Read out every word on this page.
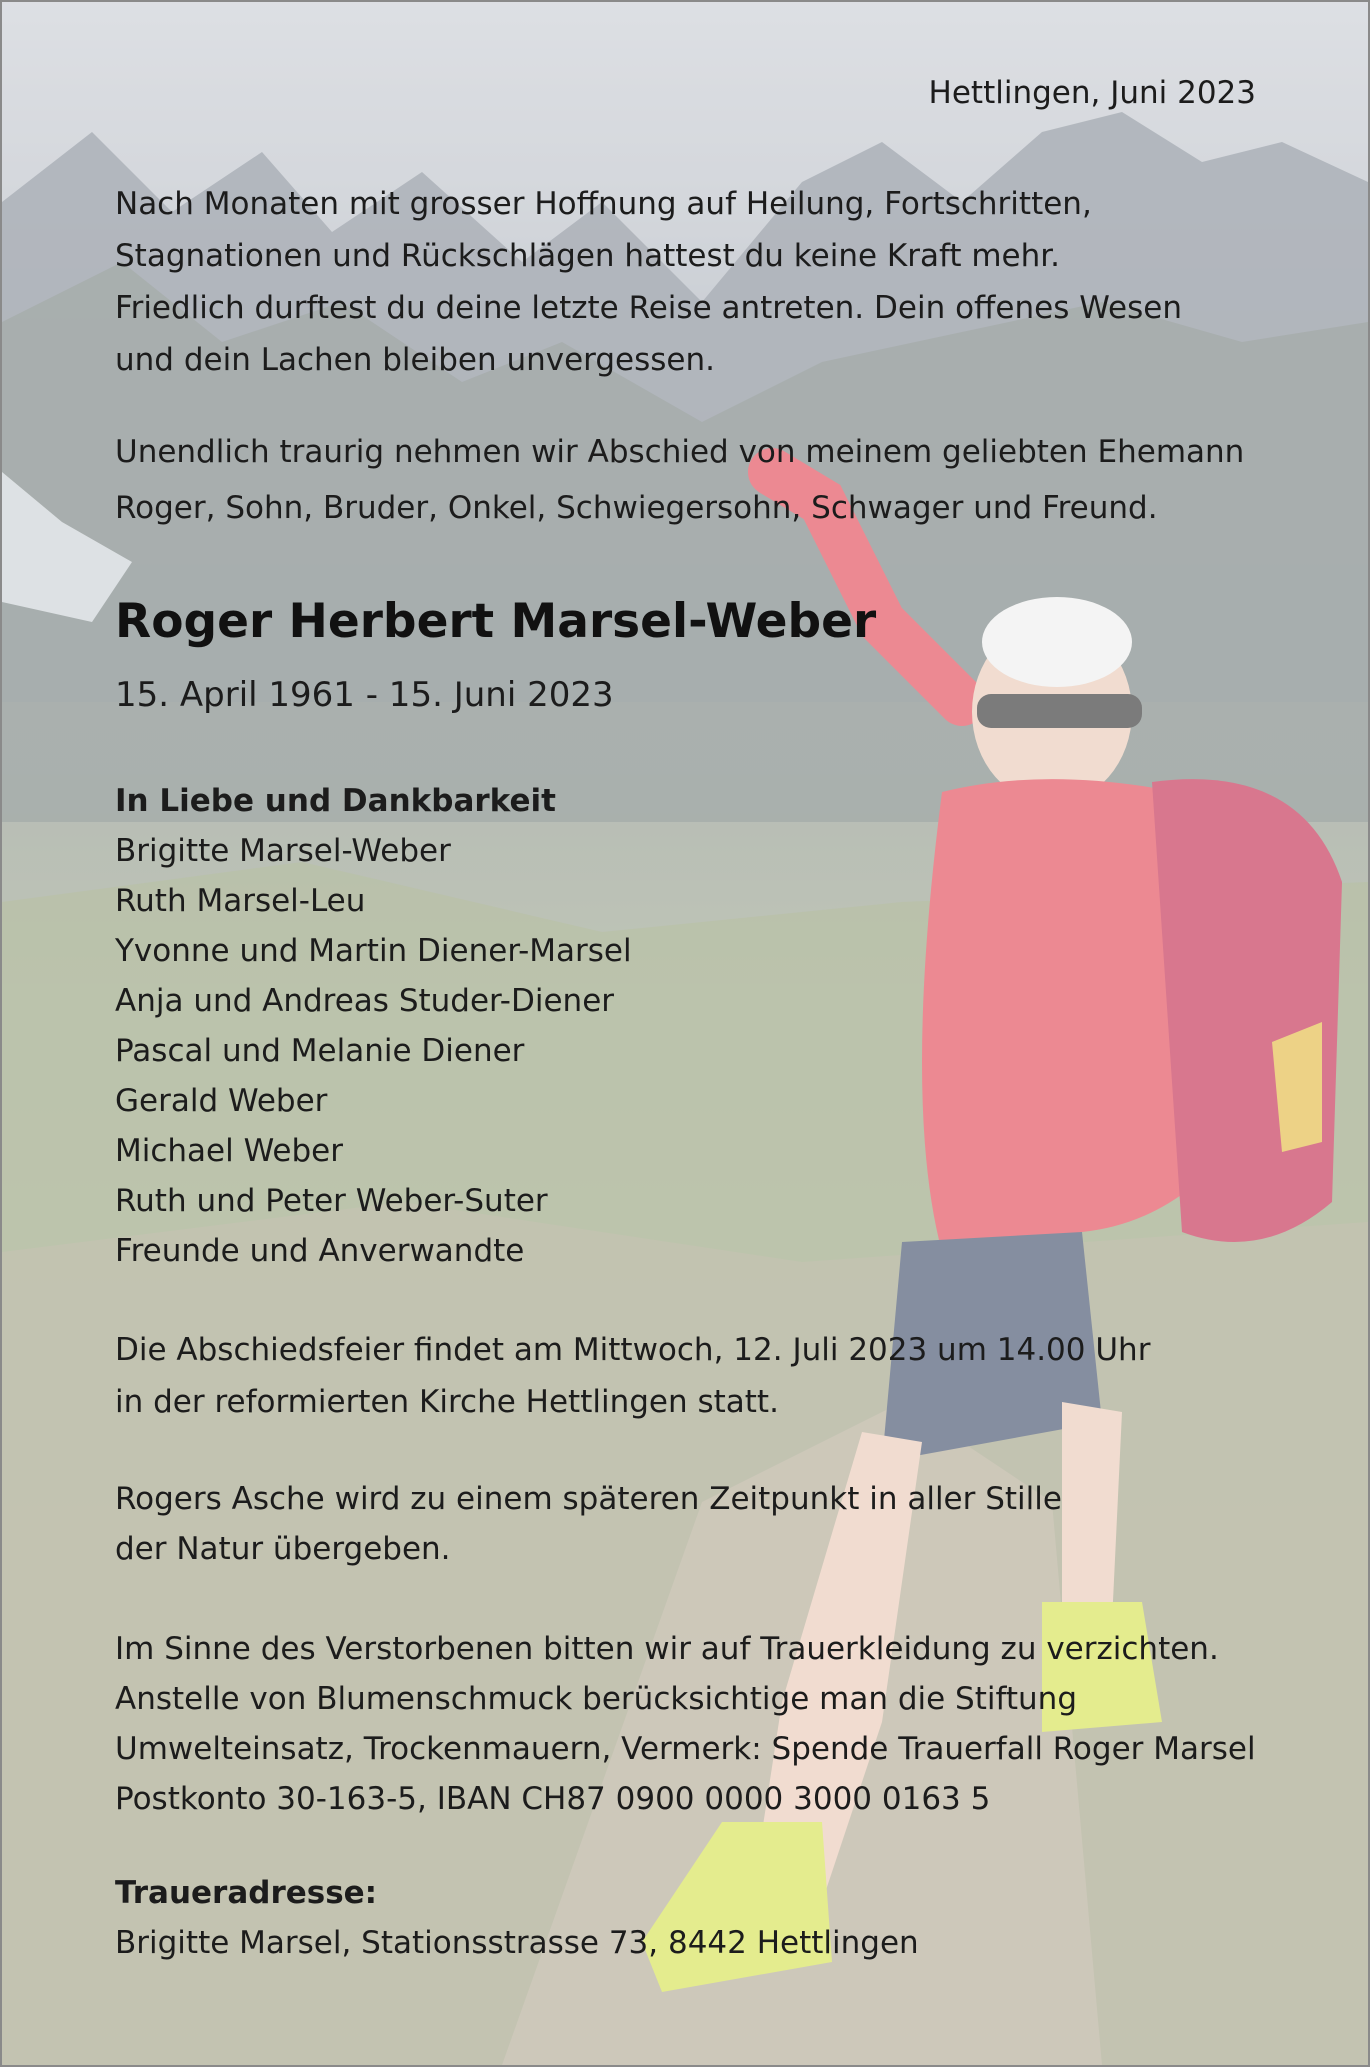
Hettlingen, Juni 2023
Nach Monaten mit grosser Hoffnung auf Heilung, Fortschritten,
Stagnationen und Rückschlägen hattest du keine Kraft mehr.
Friedlich durftest du deine letzte Reise antreten. Dein offenes Wesen
und dein Lachen bleiben unvergessen.
Unendlich traurig nehmen wir Abschied von meinem geliebten Ehemann
Roger, Sohn, Bruder, Onkel, Schwiegersohn, Schwager und Freund.
Roger Herbert Marsel-Weber
15. April 1961 - 15. Juni 2023
In Liebe und Dankbarkeit
Brigitte Marsel-Weber
Ruth Marsel-Leu
Yvonne und Martin Diener-Marsel
Anja und Andreas Studer-Diener
Pascal und Melanie Diener
Gerald Weber
Michael Weber
Ruth und Peter Weber-Suter
Freunde und Anverwandte
Die Abschiedsfeier findet am Mittwoch, 12. Juli 2023 um 14.00 Uhr
in der reformierten Kirche Hettlingen statt.
Rogers Asche wird zu einem späteren Zeitpunkt in aller Stille
der Natur übergeben.
Im Sinne des Verstorbenen bitten wir auf Trauerkleidung zu verzichten.
Anstelle von Blumenschmuck berücksichtige man die Stiftung
Umwelteinsatz, Trockenmauern, Vermerk: Spende Trauerfall Roger Marsel
Postkonto 30-163-5, IBAN CH87 0900 0000 3000 0163 5
Traueradresse:
Brigitte Marsel, Stationsstrasse 73, 8442 Hettlingen
